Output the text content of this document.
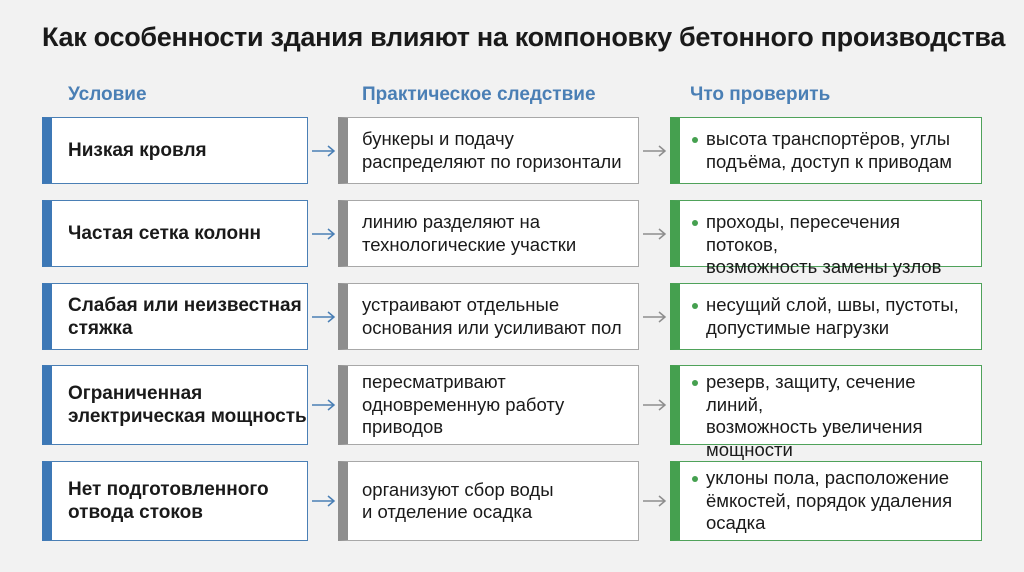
Как особенности здания влияют на компоновку бетонного производства
Условие	Практическое следствие	Что проверить
Низкая кровля
бункеры и подачу
распределяют по горизонтали
высота транспортёров, углы
подъёма, доступ к приводам
Частая сетка колонн
линию разделяют на
технологические участки
проходы, пересечения потоков,
возможность замены узлов
Слабая или неизвестная
стяжка
устраивают отдельные
основания или усиливают пол
несущий слой, швы, пустоты,
допустимые нагрузки
Ограниченная
электрическая мощность
пересматривают
одновременную работу
приводов
резерв, защиту, сечение линий,
возможность увеличения
мощности
Нет подготовленного
отвода стоков
организуют сбор воды
и отделение осадка
уклоны пола, расположение
ёмкостей, порядок удаления
осадка
